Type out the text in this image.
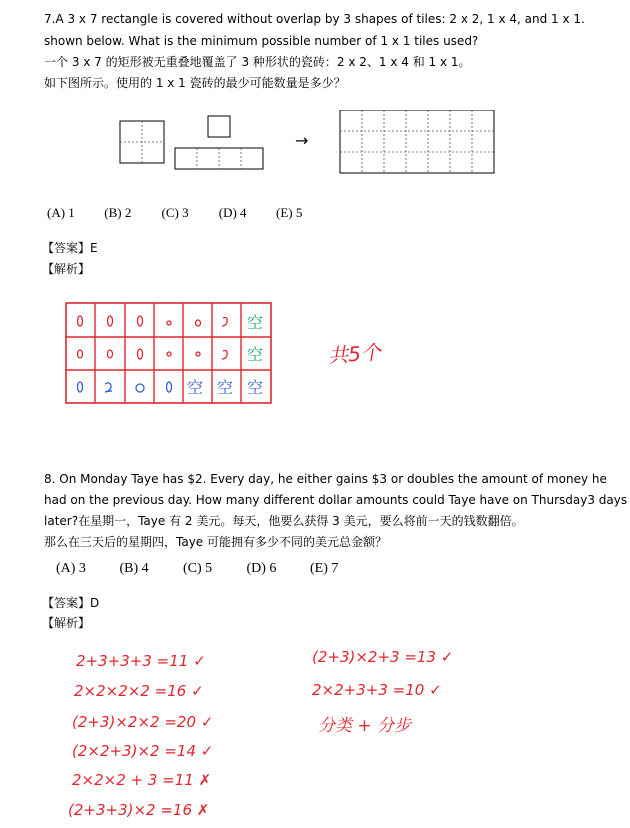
7.A 3 x 7 rectangle is covered without overlap by 3 shapes of tiles: 2 x 2, 1 x 4, and 1 x 1.
shown below. What is the minimum possible number of 1 x 1 tiles used?
一个 3 x 7 的矩形被无重叠地覆盖了 3 种形状的瓷砖：2 x 2、1 x 4 和 1 x 1。
如下图所示。使用的 1 x 1 瓷砖的最少可能数量是多少？
→
(A) 1 (B) 2 (C) 3 (D) 4 (E) 5
【答案】E
【解析】
空
空
空 空 空
共5个
8. On Monday Taye has $2. Every day, he either gains $3 or doubles the amount of money he
had on the previous day. How many different dollar amounts could Taye have on Thursday3 days
later?在星期一，Taye 有 2 美元。每天，他要么获得 3 美元，要么将前一天的钱数翻倍。
那么在三天后的星期四，Taye 可能拥有多少不同的美元总金额？
(A) 3 (B) 4 (C) 5 (D) 6 (E) 7
【答案】D
【解析】
2+3+3+3 =11 ✓
2×2×2×2 =16 ✓
(2+3)×2×2 =20 ✓
(2×2+3)×2 =14 ✓
2×2×2 + 3 =11 ✗
(2+3+3)×2 =16 ✗
(2+3)×2+3 =13 ✓
2×2+3+3 =10 ✓
分类 + 分步
